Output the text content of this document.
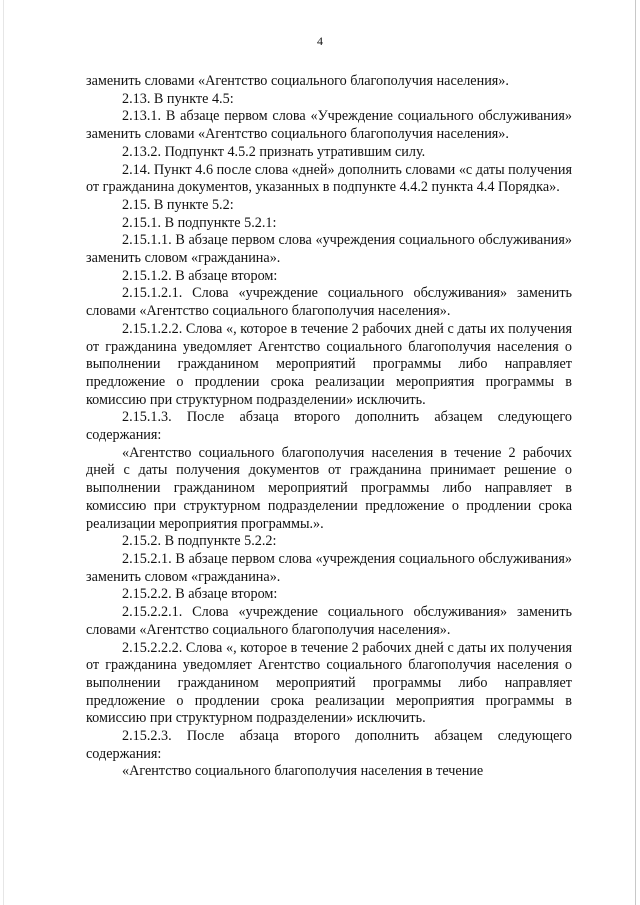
4

заменить словами «Агентство социального благополучия населения».

2.13. В пункте 4.5:

2.13.1. В абзаце первом слова «Учреждение социального обслуживания» заменить словами «Агентство социального благополучия населения».

2.13.2. Подпункт 4.5.2 признать утратившим силу.

2.14. Пункт 4.6 после слова «дней» дополнить словами «с даты получения от гражданина документов, указанных в подпункте 4.4.2 пункта 4.4 Порядка».

2.15. В пункте 5.2:

2.15.1. В подпункте 5.2.1:

2.15.1.1. В абзаце первом слова «учреждения социального обслуживания» заменить словом «гражданина».

2.15.1.2. В абзаце втором:

2.15.1.2.1. Слова «учреждение социального обслуживания» заменить словами «Агентство социального благополучия населения».

2.15.1.2.2. Слова «, которое в течение 2 рабочих дней с даты их получения от гражданина уведомляет Агентство социального благополучия населения о выполнении гражданином мероприятий программы либо направляет предложение о продлении срока реализации мероприятия программы в комиссию при структурном подразделении» исключить.

2.15.1.3. После абзаца второго дополнить абзацем следующего содержания:

«Агентство социального благополучия населения в течение 2 рабочих дней с даты получения документов от гражданина принимает решение о выполнении гражданином мероприятий программы либо направляет в комиссию при структурном подразделении предложение о продлении срока реализации мероприятия программы.».

2.15.2. В подпункте 5.2.2:

2.15.2.1. В абзаце первом слова «учреждения социального обслуживания» заменить словом «гражданина».

2.15.2.2. В абзаце втором:

2.15.2.2.1. Слова «учреждение социального обслуживания» заменить словами «Агентство социального благополучия населения».

2.15.2.2.2. Слова «, которое в течение 2 рабочих дней с даты их получения от гражданина уведомляет Агентство социального благополучия населения о выполнении гражданином мероприятий программы либо направляет предложение о продлении срока реализации мероприятия программы в комиссию при структурном подразделении» исключить.

2.15.2.3. После абзаца второго дополнить абзацем следующего содержания:

«Агентство социального благополучия населения в течение
